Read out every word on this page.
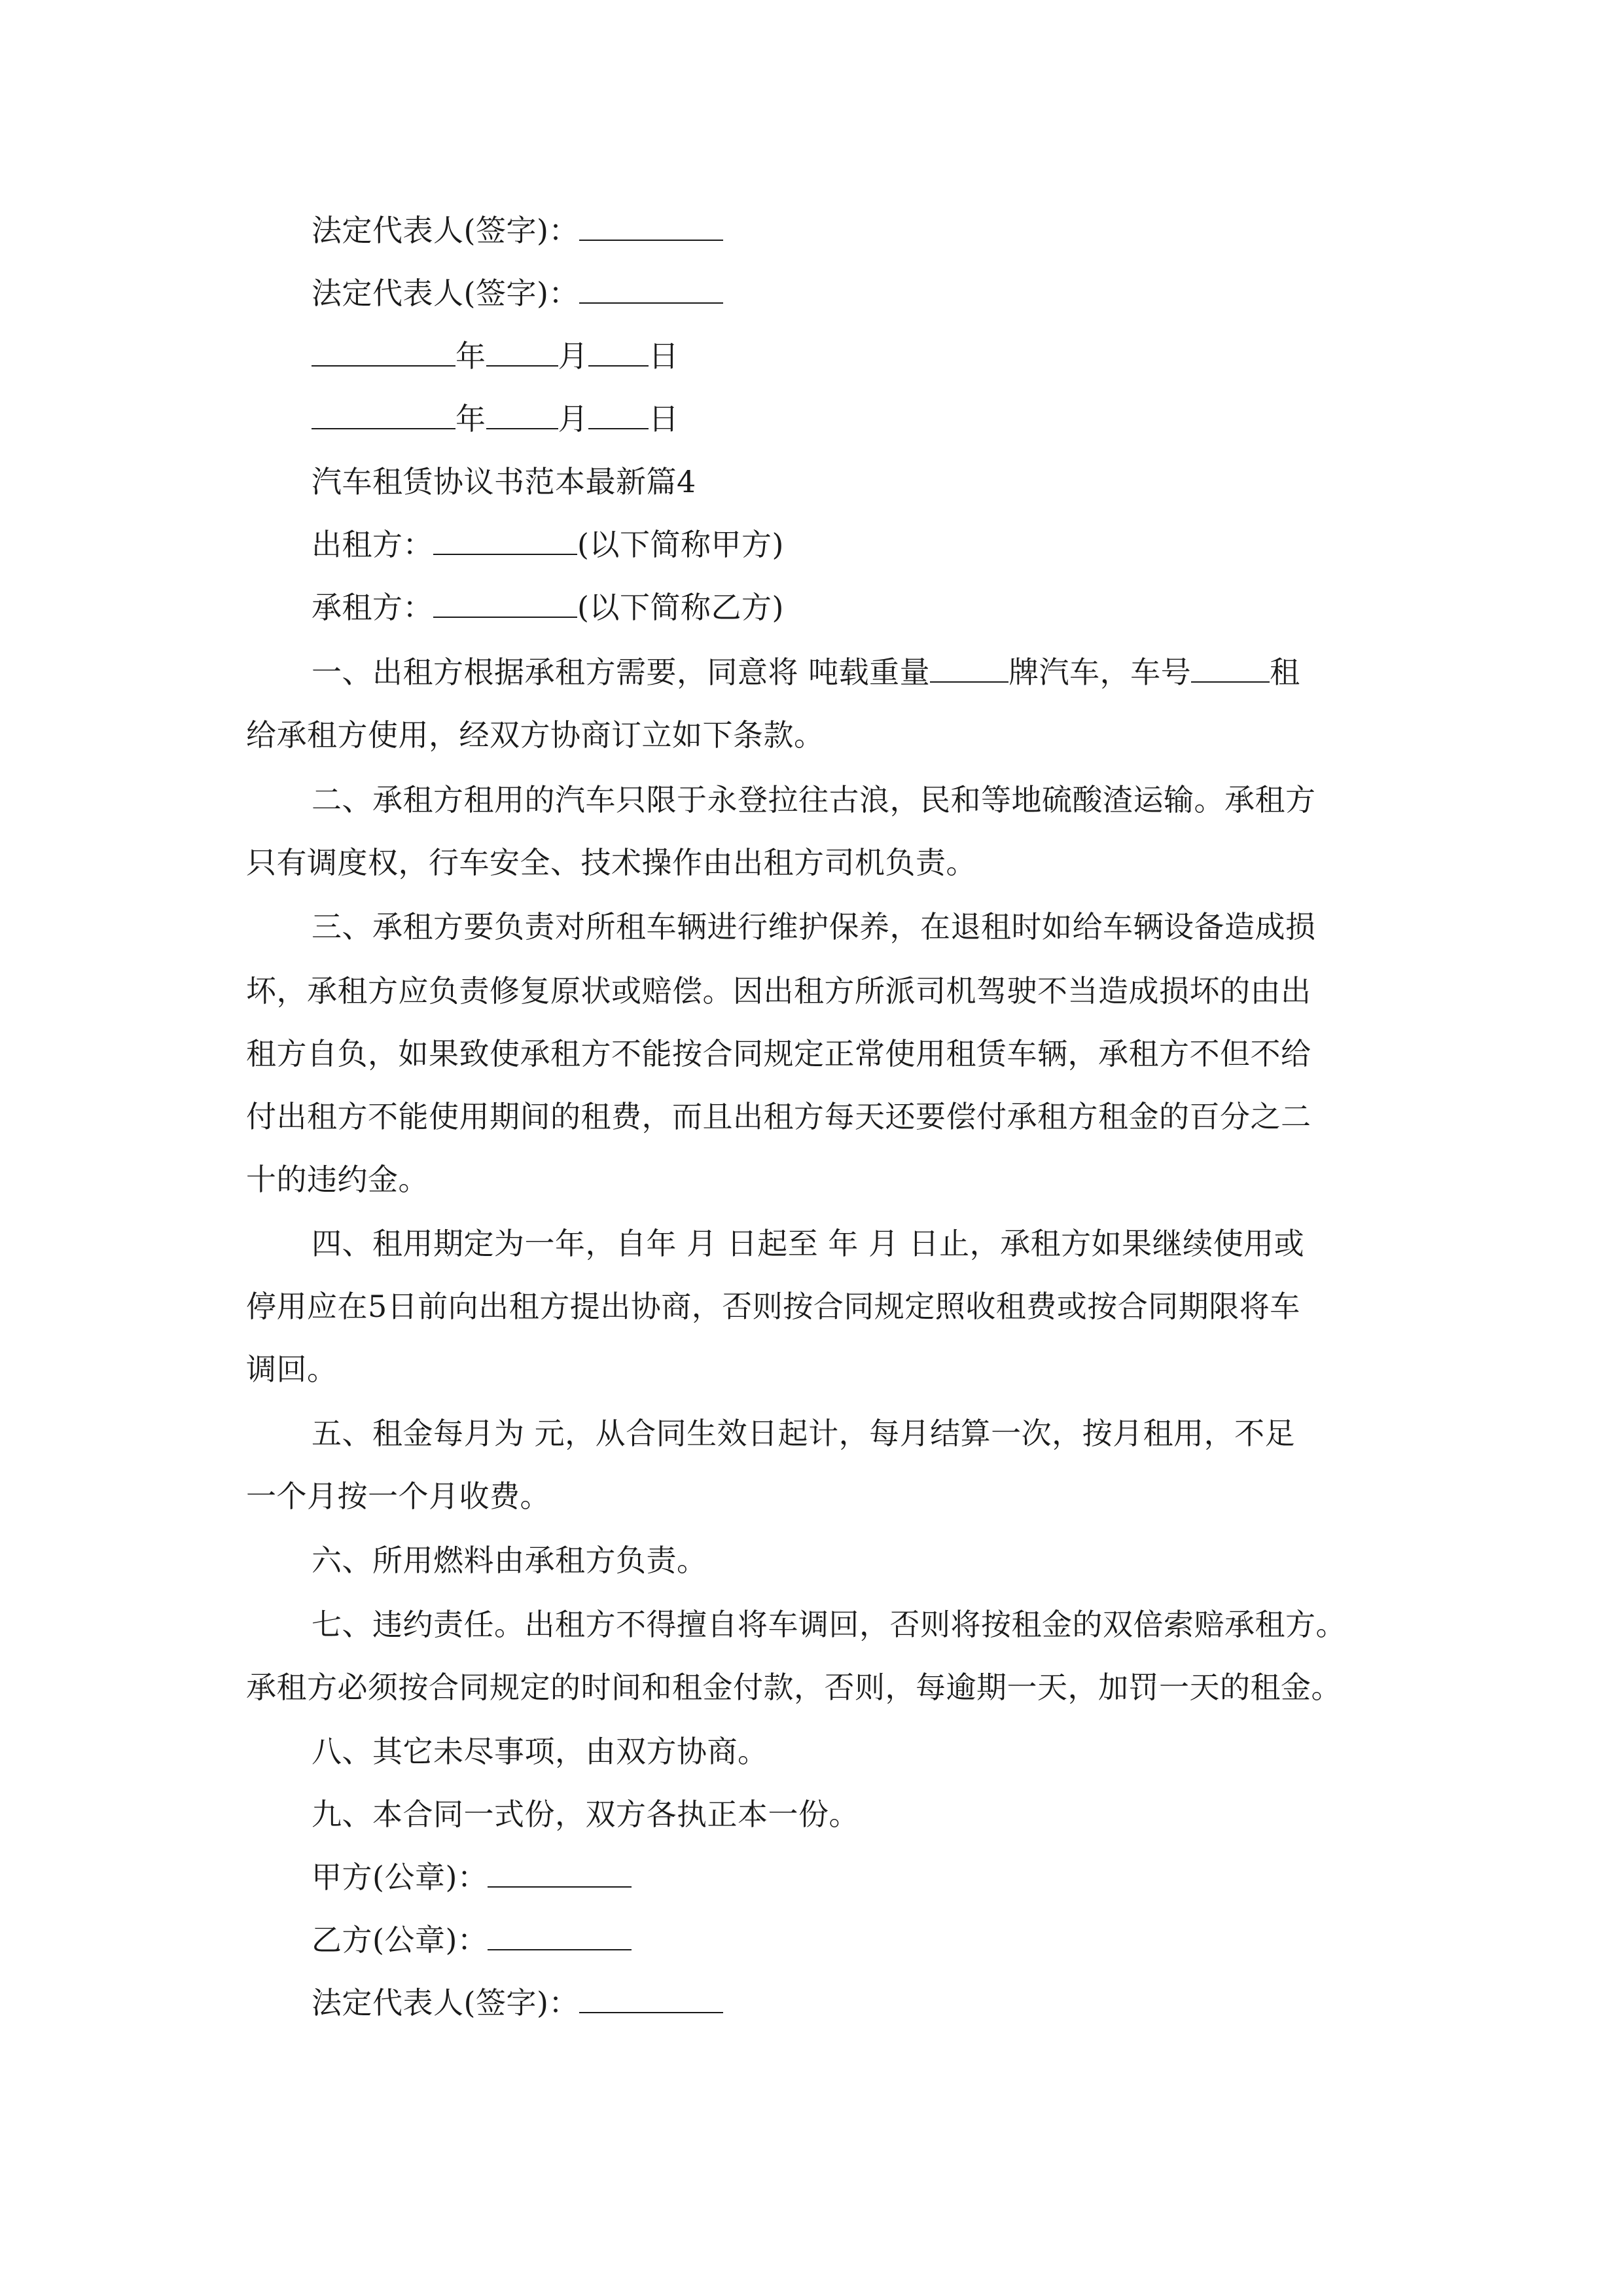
法定代表人(签字)：
法定代表人(签字)：
年 月 日
年 月 日
汽车租赁协议书范本最新篇4
出租方：	(以下简称甲方)
承租方：	(以下简称乙方)
一、出租方根据承租方需要，同意将 吨载重量	牌汽车，车号	租
给承租方使用，经双方协商订立如下条款。
二、承租方租用的汽车只限于永登拉往古浪，民和等地硫酸渣运输。承租方
只有调度权，行车安全、技术操作由出租方司机负责。
三、承租方要负责对所租车辆进行维护保养，在退租时如给车辆设备造成损
坏，承租方应负责修复原状或赔偿。因出租方所派司机驾驶不当造成损坏的由出
租方自负，如果致使承租方不能按合同规定正常使用租赁车辆，承租方不但不给
付出租方不能使用期间的租费，而且出租方每天还要偿付承租方租金的百分之二
十的违约金。
四、租用期定为一年，自年 月 日起至 年 月 日止，承租方如果继续使用或
停用应在5日前向出租方提出协商，否则按合同规定照收租费或按合同期限将车
调回。
五、租金每月为 元，从合同生效日起计，每月结算一次，按月租用，不足
一个月按一个月收费。
六、所用燃料由承租方负责。
七、违约责任。出租方不得擅自将车调回，否则将按租金的双倍索赔承租方。
承租方必须按合同规定的时间和租金付款，否则，每逾期一天，加罚一天的租金。
八、其它未尽事项，由双方协商。
九、本合同一式份，双方各执正本一份。
甲方(公章)：
乙方(公章)：
法定代表人(签字)：
